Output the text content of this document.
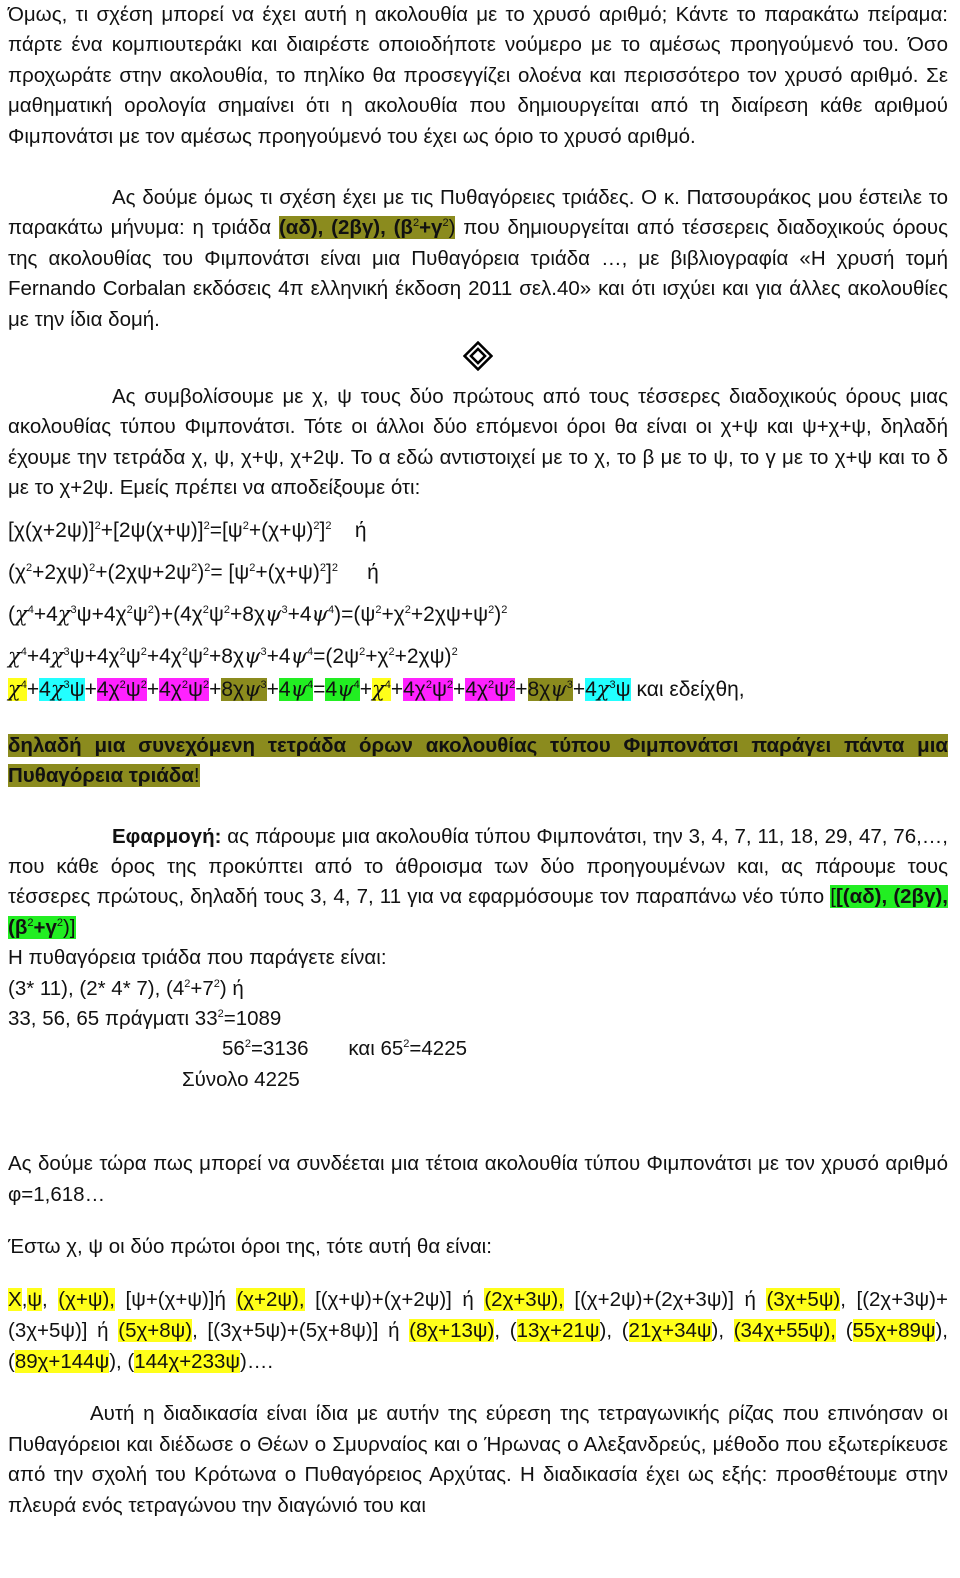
Όμως, τι σχέση μπορεί να έχει αυτή η ακολουθία με το χρυσό αριθμό; Κάντε το παρακάτω πείραμα: πάρτε ένα κομπιουτεράκι και διαιρέστε οποιοδήποτε νούμερο με το αμέσως προηγούμενό του. Όσο προχωράτε στην ακολουθία, το πηλίκο θα προσεγγίζει ολοένα και περισσότερο τον χρυσό αριθμό. Σε μαθηματική ορολογία σημαίνει ότι η ακολουθία που δημιουργείται από τη διαίρεση κάθε αριθμού Φιμπονάτσι με τον αμέσως προηγούμενό του έχει ως όριο το χρυσό αριθμό.

Ας δούμε όμως τι σχέση έχει με τις Πυθαγόρειες τριάδες. Ο κ. Πατσουράκος μου έστειλε το παρακάτω μήνυμα: η τριάδα (αδ), (2βγ), $(\beta^2+\gamma^2)$ που δημιουργείται από τέσσερεις διαδοχικούς όρους της ακολουθίας του Φιμπονάτσι είναι μια Πυθαγόρεια τριάδα …, με βιβλιογραφία «Η χρυσή τομή Fernando Corbalan εκδόσεις 4π ελληνική έκδοση 2011 σελ.40» και ότι ισχύει και για άλλες ακολουθίες με την ίδια δομή.

Ας συμβολίσουμε με χ, ψ τους δύο πρώτους από τους τέσσερες διαδοχικούς όρους μιας ακολουθίας τύπου Φιμπονάτσι. Τότε οι άλλοι δύο επόμενοι όροι θα είναι οι χ+ψ και ψ+χ+ψ, δηλαδή έχουμε την τετράδα χ, ψ, χ+ψ, χ+2ψ. Το α εδώ αντιστοιχεί με το χ, το β με το ψ, το γ με το χ+ψ και το δ με το χ+2ψ. Εμείς πρέπει να αποδείξουμε ότι:

$[\chi(\chi+2\psi)]^2+[2\psi(\chi+\psi)]^2=[\psi^2+(\chi+\psi)^2]^2$ ή
$(\chi^2+2\chi\psi)^2+(2\chi\psi+2\psi^2)^2= [\psi^2+(\chi+\psi)^2]^2$ ή
$(\chi^4+4\chi^3\psi+4\chi^2\psi^2)+(4\chi^2\psi^2+8\chi\psi^3+4\psi^4)=(\psi^2+\chi^2+2\chi\psi+\psi^2)^2$
$\chi^4+4\chi^3\psi+4\chi^2\psi^2+4\chi^2\psi^2+8\chi\psi^3+4\psi^4=(2\psi^2+\chi^2+2\chi\psi)^2$
$\chi^4+4\chi^3\psi+4\chi^2\psi^2+4\chi^2\psi^2+8\chi\psi^3+4\psi^4=4\psi^4+\chi^4+4\chi^2\psi^2+4\chi^2\psi^2+8\chi\psi^3+4\chi^3\psi$ και εδείχθη,

δηλαδή μια συνεχόμενη τετράδα όρων ακολουθίας τύπου Φιμπονάτσι παράγει πάντα μια Πυθαγόρεια τριάδα!

Εφαρμογή: ας πάρουμε μια ακολουθία τύπου Φιμπονάτσι, την 3, 4, 7, 11, 18, 29, 47, 76,…, που κάθε όρος της προκύπτει από το άθροισμα των δύο προηγουμένων και, ας πάρουμε τους τέσσερες πρώτους, δηλαδή τους 3, 4, 7, 11 για να εφαρμόσουμε τον παραπάνω νέο τύπο [[(αδ), (2βγ), $(\beta^2+\gamma^2)$]

Η πυθαγόρεια τριάδα που παράγετε είναι:
(3* 11), (2* 4* 7), $(4^2+7^2)$ ή
33, 56, 65 πράγματι $33^2=1089$
$56^2=3136$ και $65^2=4225$
Σύνολο 4225

Ας δούμε τώρα πως μπορεί να συνδέεται μια τέτοια ακολουθία τύπου Φιμπονάτσι με τον χρυσό αριθμό φ=1,618…

Έστω χ, ψ οι δύο πρώτοι όροι της, τότε αυτή θα είναι:

Χ,ψ, (χ+ψ), [ψ+(χ+ψ)]ή (χ+2ψ), [(χ+ψ)+(χ+2ψ)] ή (2χ+3ψ), [(χ+2ψ)+(2χ+3ψ)] ή (3χ+5ψ), [(2χ+3ψ)+(3χ+5ψ)] ή (5χ+8ψ), [(3χ+5ψ)+(5χ+8ψ)] ή (8χ+13ψ), (13χ+21ψ), (21χ+34ψ), (34χ+55ψ), (55χ+89ψ), (89χ+144ψ), (144χ+233ψ)….

Αυτή η διαδικασία είναι ίδια με αυτήν της εύρεση της τετραγωνικής ρίζας που επινόησαν οι Πυθαγόρειοι και διέδωσε ο Θέων ο Σμυρναίος και ο Ήρωνας ο Αλεξανδρεύς, μέθοδο που εξωτερίκευσε από την σχολή του Κρότωνα ο Πυθαγόρειος Αρχύτας. Η διαδικασία έχει ως εξής: προσθέτουμε στην πλευρά ενός τετραγώνου την διαγώνιό του και
